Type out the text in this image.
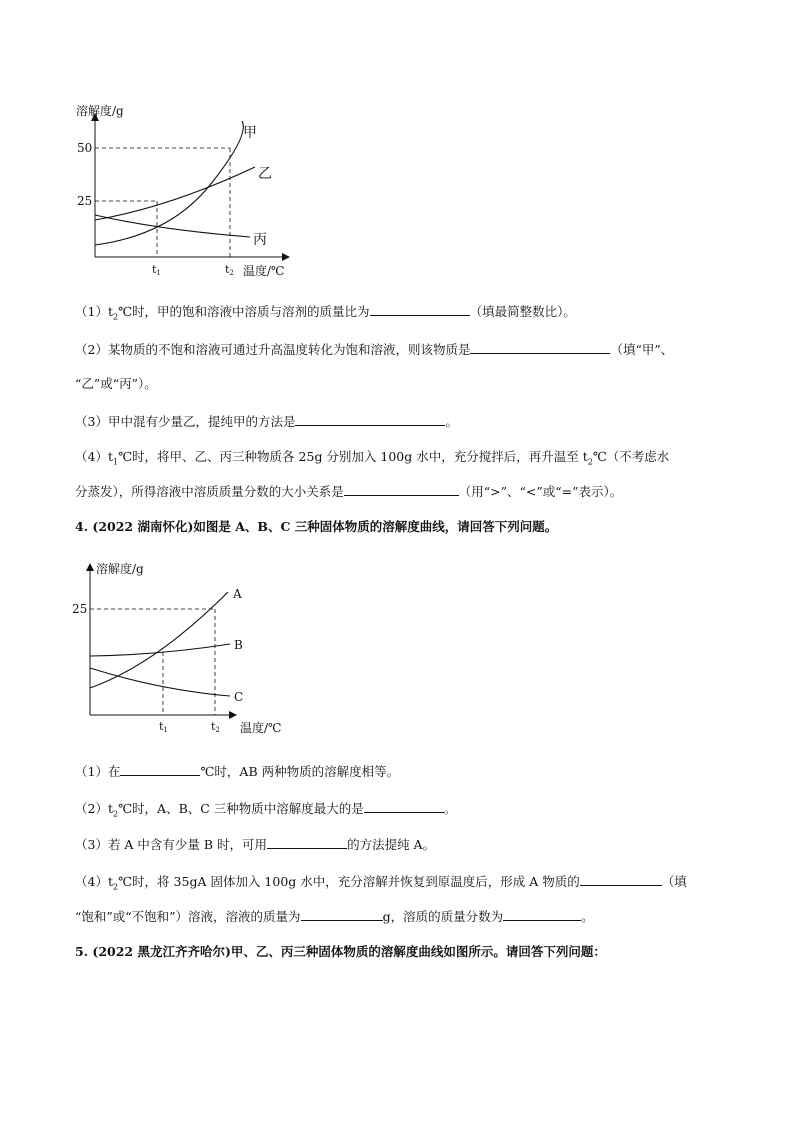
溶解度/g
50
25
t1	t2 温度/℃
甲
乙
丙
$(1)t_2℃$时，甲的饱和溶液中溶质与溶剂的质量比为	（填最简整数比）。
（2）某物质的不饱和溶液可通过升高温度转化为饱和溶液，则该物质是	（填“甲”、
“乙”或“丙”）。
（3）甲中混有少量乙，提纯甲的方法是	。
$(4)t_1℃$时，将甲、乙、丙三种物质各 25g 分别加入 100g 水中，充分搅拌后，再升温至 $t_2℃$（不考虑水
分蒸发），所得溶液中溶质质量分数的大小关系是	（用“>”、“<”或“=”表示）。
4. (2022 湖南怀化)如图是 A、B、C 三种固体物质的溶解度曲线，请回答下列问题。
溶解度/g
25
t1	t2 温度/℃
A
B
C
（1）在	℃时，AB 两种物质的溶解度相等。
$(2)t_2℃$时，A、B、C 三种物质中溶解度最大的是	。
（3）若 A 中含有少量 B 时，可用	的方法提纯 A。
$(4)t_2℃$时，将 35gA 固体加入 100g 水中，充分溶解并恢复到原温度后，形成 A 物质的	（填
“饱和”或“不饱和”）溶液，溶液的质量为	g，溶质的质量分数为	。
5. (2022 黑龙江齐齐哈尔)甲、乙、丙三种固体物质的溶解度曲线如图所示。请回答下列问题：
